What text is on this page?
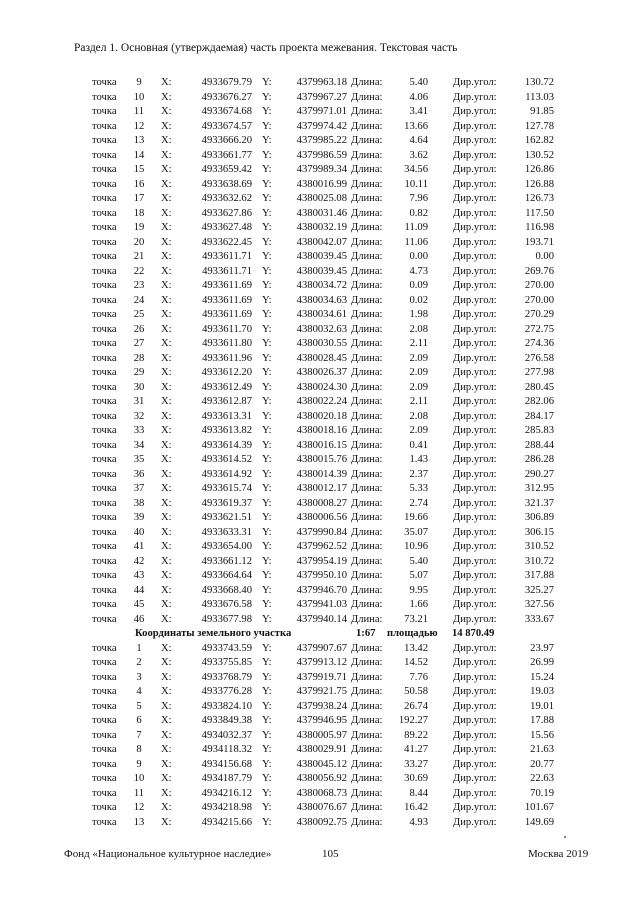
Раздел 1. Основная (утверждаемая) часть проекта межевания. Текстовая часть
точка	9	X:	4933679.79 Y:	4379963.18 Длина:	5.40 Дир.угол:	130.72
точка	10	X:	4933676.27 Y:	4379967.27 Длина:	4.06 Дир.угол:	113.03
точка	11	X:	4933674.68 Y:	4379971.01 Длина:	3.41 Дир.угол:	91.85
точка	12	X:	4933674.57 Y:	4379974.42 Длина:	13.66 Дир.угол:	127.78
точка	13	X:	4933666.20 Y:	4379985.22 Длина:	4.64 Дир.угол:	162.82
точка	14	X:	4933661.77 Y:	4379986.59 Длина:	3.62 Дир.угол:	130.52
точка	15	X:	4933659.42 Y:	4379989.34 Длина:	34.56 Дир.угол:	126.86
точка	16	X:	4933638.69 Y:	4380016.99 Длина:	10.11 Дир.угол:	126.88
точка	17	X:	4933632.62 Y:	4380025.08 Длина:	7.96 Дир.угол:	126.73
точка	18	X:	4933627.86 Y:	4380031.46 Длина:	0.82 Дир.угол:	117.50
точка	19	X:	4933627.48 Y:	4380032.19 Длина:	11.09 Дир.угол:	116.98
точка	20	X:	4933622.45 Y:	4380042.07 Длина:	11.06 Дир.угол:	193.71
точка	21	X:	4933611.71 Y:	4380039.45 Длина:	0.00 Дир.угол:	0.00
точка	22	X:	4933611.71 Y:	4380039.45 Длина:	4.73 Дир.угол:	269.76
точка	23	X:	4933611.69 Y:	4380034.72 Длина:	0.09 Дир.угол:	270.00
точка	24	X:	4933611.69 Y:	4380034.63 Длина:	0.02 Дир.угол:	270.00
точка	25	X:	4933611.69 Y:	4380034.61 Длина:	1.98 Дир.угол:	270.29
точка	26	X:	4933611.70 Y:	4380032.63 Длина:	2.08 Дир.угол:	272.75
точка	27	X:	4933611.80 Y:	4380030.55 Длина:	2.11 Дир.угол:	274.36
точка	28	X:	4933611.96 Y:	4380028.45 Длина:	2.09 Дир.угол:	276.58
точка	29	X:	4933612.20 Y:	4380026.37 Длина:	2.09 Дир.угол:	277.98
точка	30	X:	4933612.49 Y:	4380024.30 Длина:	2.09 Дир.угол:	280.45
точка	31	X:	4933612.87 Y:	4380022.24 Длина:	2.11 Дир.угол:	282.06
точка	32	X:	4933613.31 Y:	4380020.18 Длина:	2.08 Дир.угол:	284.17
точка	33	X:	4933613.82 Y:	4380018.16 Длина:	2.09 Дир.угол:	285.83
точка	34	X:	4933614.39 Y:	4380016.15 Длина:	0.41 Дир.угол:	288.44
точка	35	X:	4933614.52 Y:	4380015.76 Длина:	1.43 Дир.угол:	286.28
точка	36	X:	4933614.92 Y:	4380014.39 Длина:	2.37 Дир.угол:	290.27
точка	37	X:	4933615.74 Y:	4380012.17 Длина:	5.33 Дир.угол:	312.95
точка	38	X:	4933619.37 Y:	4380008.27 Длина:	2.74 Дир.угол:	321.37
точка	39	X:	4933621.51 Y:	4380006.56 Длина:	19.66 Дир.угол:	306.89
точка	40	X:	4933633.31 Y:	4379990.84 Длина:	35.07 Дир.угол:	306.15
точка	41	X:	4933654.00 Y:	4379962.52 Длина:	10.96 Дир.угол:	310.52
точка	42	X:	4933661.12 Y:	4379954.19 Длина:	5.40 Дир.угол:	310.72
точка	43	X:	4933664.64 Y:	4379950.10 Длина:	5.07 Дир.угол:	317.88
точка	44	X:	4933668.40 Y:	4379946.70 Длина:	9.95 Дир.угол:	325.27
точка	45	X:	4933676.58 Y:	4379941.03 Длина:	1.66 Дир.угол:	327.56
точка	46	X:	4933677.98 Y:	4379940.14 Длина:	73.21 Дир.угол:	333.67
Координаты земельного участка	1:67 площадью 14 870.49
точка	1	X:	4933743.59 Y:	4379907.67 Длина:	13.42 Дир.угол:	23.97
точка	2	X:	4933755.85 Y:	4379913.12 Длина:	14.52 Дир.угол:	26.99
точка	3	X:	4933768.79 Y:	4379919.71 Длина:	7.76 Дир.угол:	15.24
точка	4	X:	4933776.28 Y:	4379921.75 Длина:	50.58 Дир.угол:	19.03
точка	5	X:	4933824.10 Y:	4379938.24 Длина:	26.74 Дир.угол:	19.01
точка	6	X:	4933849.38 Y:	4379946.95 Длина:	192.27 Дир.угол:	17.88
точка	7	X:	4934032.37 Y:	4380005.97 Длина:	89.22 Дир.угол:	15.56
точка	8	X:	4934118.32 Y:	4380029.91 Длина:	41.27 Дир.угол:	21.63
точка	9	X:	4934156.68 Y:	4380045.12 Длина:	33.27 Дир.угол:	20.77
точка	10	X:	4934187.79 Y:	4380056.92 Длина:	30.69 Дир.угол:	22.63
точка	11	X:	4934216.12 Y:	4380068.73 Длина:	8.44 Дир.угол:	70.19
точка	12	X:	4934218.98 Y:	4380076.67 Длина:	16.42 Дир.угол:	101.67
точка	13	X:	4934215.66 Y:	4380092.75 Длина:	4.93 Дир.угол:	149.69
Фонд «Национальное культурное наследие»	105	Москва 2019
